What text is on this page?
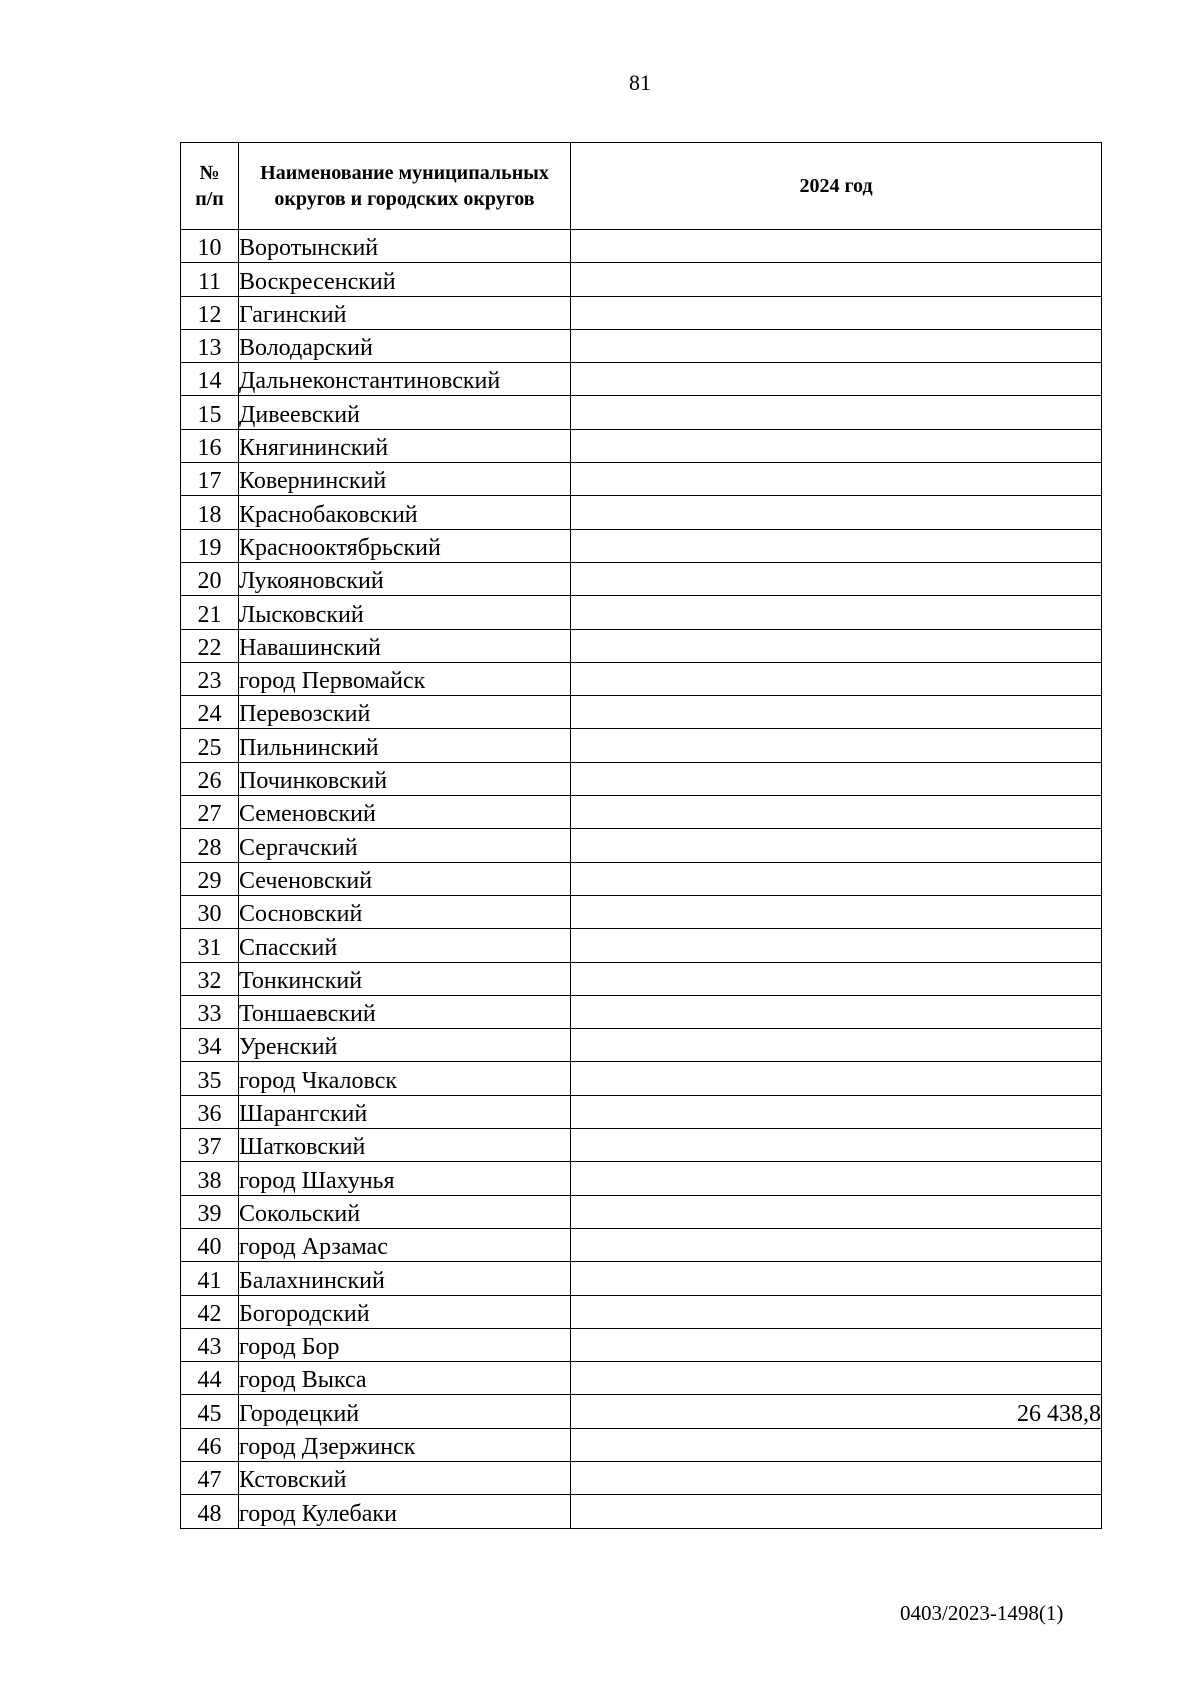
81
№ п/п	Наименование муниципальных округов и городских округов	2024 год
10	Воротынский	
11	Воскресенский	
12	Гагинский	
13	Володарский	
14	Дальнеконстантиновский	
15	Дивеевский	
16	Княгининский	
17	Ковернинский	
18	Краснобаковский	
19	Краснооктябрьский	
20	Лукояновский	
21	Лысковский	
22	Навашинский	
23	город Первомайск	
24	Перевозский	
25	Пильнинский	
26	Починковский	
27	Семеновский	
28	Сергачский	
29	Сеченовский	
30	Сосновский	
31	Спасский	
32	Тонкинский	
33	Тоншаевский	
34	Уренский	
35	город Чкаловск	
36	Шарангский	
37	Шатковский	
38	город Шахунья	
39	Сокольский	
40	город Арзамас	
41	Балахнинский	
42	Богородский	
43	город Бор	
44	город Выкса	
45	Городецкий	26 438,8
46	город Дзержинск	
47	Кстовский	
48	город Кулебаки	
0403/2023-1498(1)
